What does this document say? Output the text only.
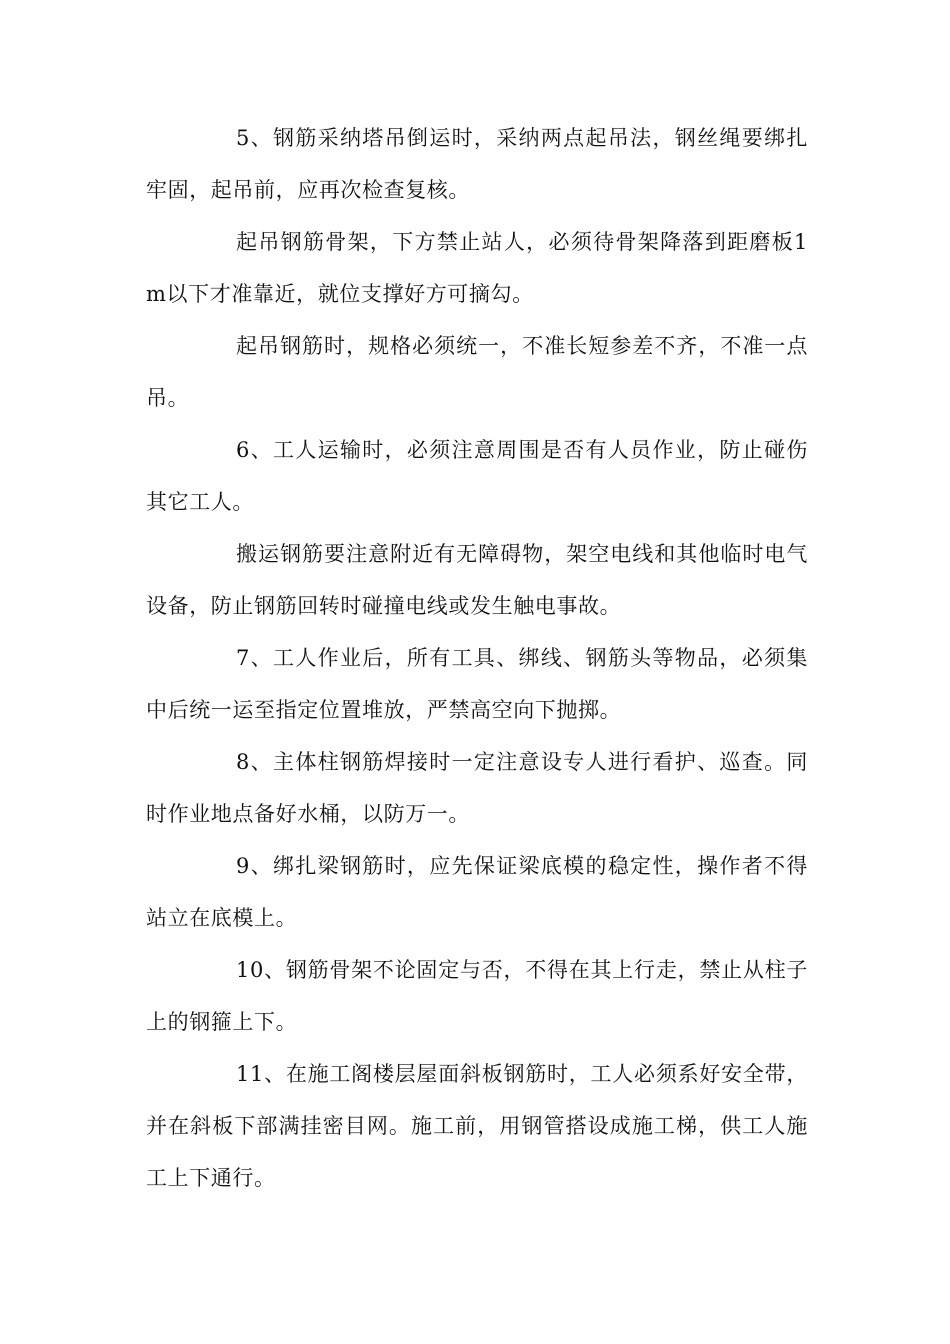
5、钢筋采纳塔吊倒运时，采纳两点起吊法，钢丝绳要绑扎牢固，起吊前，应再次检查复核。

起吊钢筋骨架，下方禁止站人，必须待骨架降落到距磨板1m以下才准靠近，就位支撑好方可摘勾。

起吊钢筋时，规格必须统一，不准长短参差不齐，不准一点吊。

6、工人运输时，必须注意周围是否有人员作业，防止碰伤其它工人。

搬运钢筋要注意附近有无障碍物，架空电线和其他临时电气设备，防止钢筋回转时碰撞电线或发生触电事故。

7、工人作业后，所有工具、绑线、钢筋头等物品，必须集中后统一运至指定位置堆放，严禁高空向下抛掷。

8、主体柱钢筋焊接时一定注意设专人进行看护、巡查。同时作业地点备好水桶，以防万一。

9、绑扎梁钢筋时，应先保证梁底模的稳定性，操作者不得站立在底模上。

10、钢筋骨架不论固定与否，不得在其上行走，禁止从柱子上的钢箍上下。

11、在施工阁楼层屋面斜板钢筋时，工人必须系好安全带，并在斜板下部满挂密目网。施工前，用钢管搭设成施工梯，供工人施工上下通行。
